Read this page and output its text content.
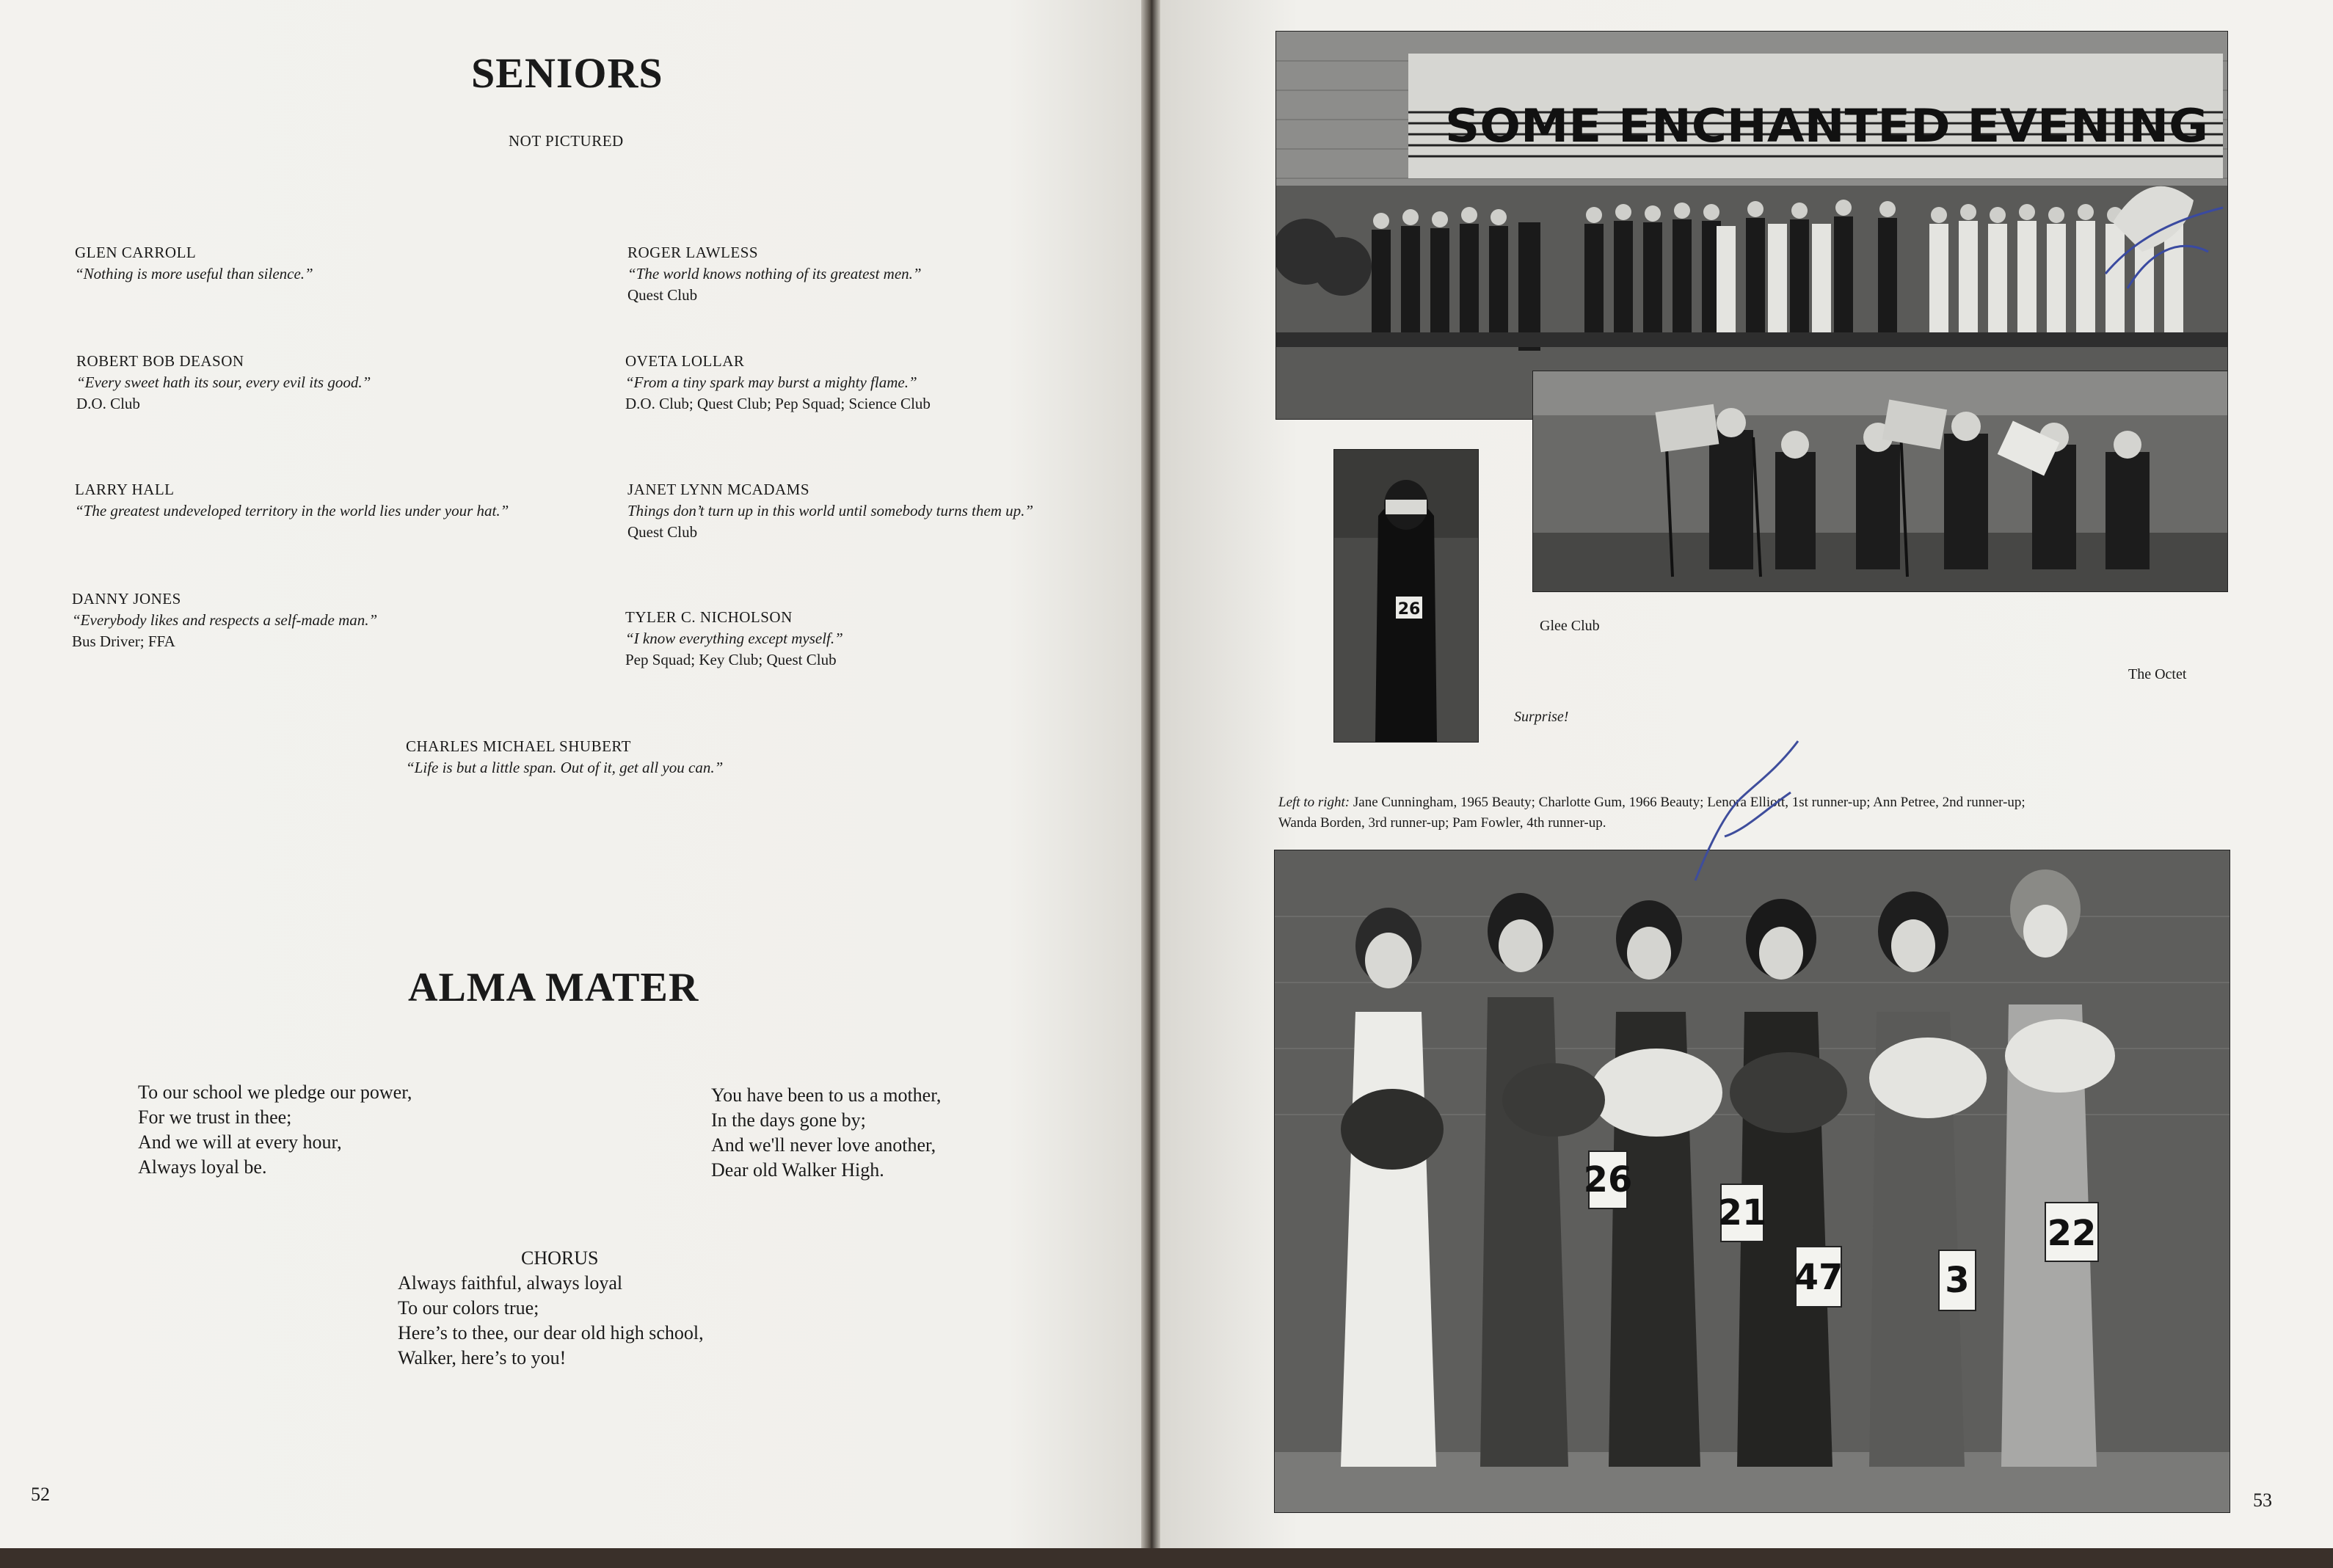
SENIORS
NOT PICTURED
GLEN CARROLL
“Nothing is more useful than silence.”
ROGER LAWLESS
“The world knows nothing of its greatest men.”
Quest Club
ROBERT BOB DEASON
“Every sweet hath its sour, every evil its good.”
D.O. Club
OVETA LOLLAR
“From a tiny spark may burst a mighty flame.”
D.O. Club; Quest Club; Pep Squad; Science Club
LARRY HALL
“The greatest undeveloped territory in the world lies under your hat.”
JANET LYNN MCADAMS
Things don’t turn up in this world until somebody turns them up.”
Quest Club
DANNY JONES
“Everybody likes and respects a self-made man.”
Bus Driver; FFA
TYLER C. NICHOLSON
“I know everything except myself.”
Pep Squad; Key Club; Quest Club
CHARLES MICHAEL SHUBERT
“Life is but a little span. Out of it, get all you can.”
ALMA MATER
To our school we pledge our power,
For we trust in thee;
And we will at every hour,
Always loyal be.
You have been to us a mother,
In the days gone by;
And we'll never love another,
Dear old Walker High.
CHORUS
Always faithful, always loyal
To our colors true;
Here’s to thee, our dear old high school,
Walker, here’s to you!
52
SOME ENCHANTED EVENING
26
Glee Club
The Octet
Surprise!
Left to right: Jane Cunningham, 1965 Beauty; Charlotte Gum, 1966 Beauty; Lenora Elliott, 1st runner-up; Ann Petree, 2nd runner-up;
Wanda Borden, 3rd runner-up; Pam Fowler, 4th runner-up.
26
21
47	3
22
53
